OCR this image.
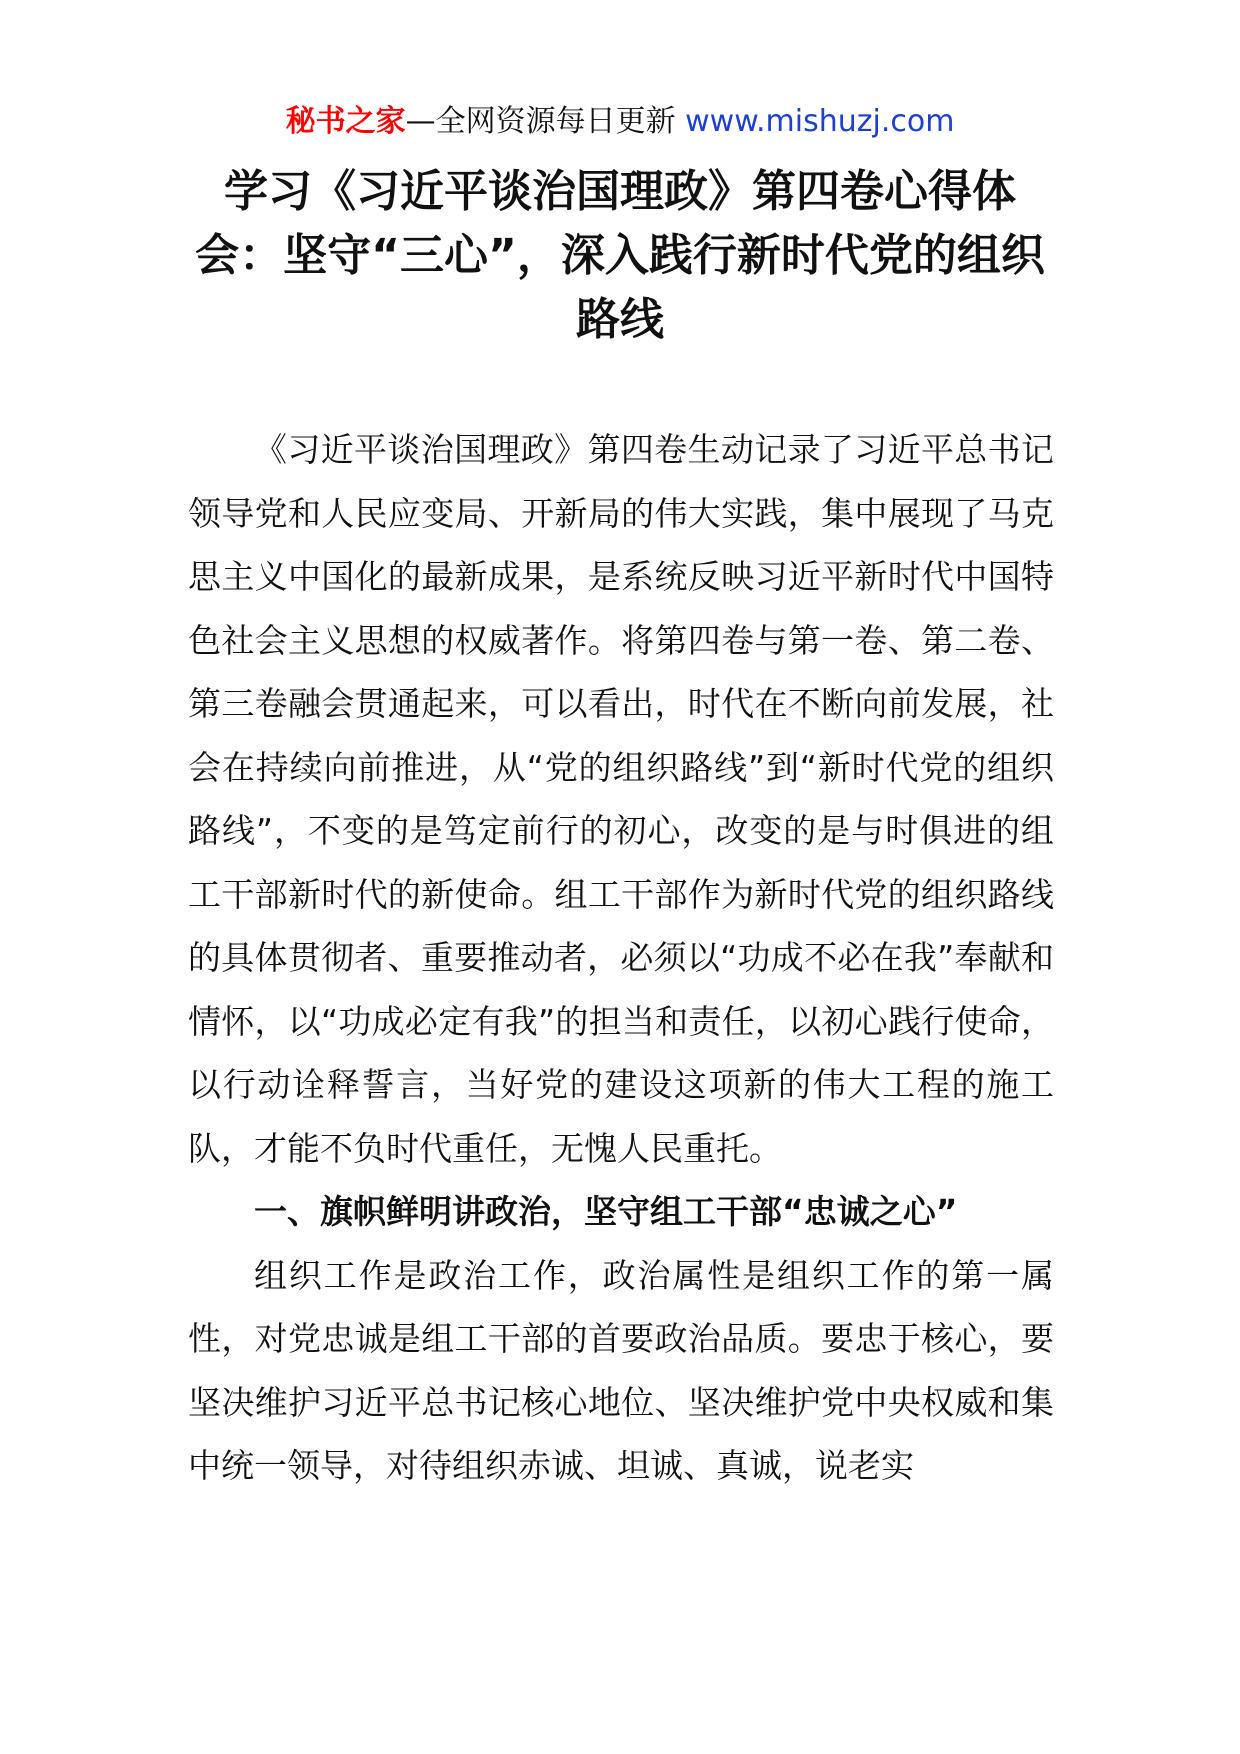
秘书之家—全网资源每日更新 www.mishuzj.com
学习《习近平谈治国理政》第四卷心得体会：坚守“三心”，深入践行新时代党的组织路线

《习近平谈治国理政》第四卷生动记录了习近平总书记领导党和人民应变局、开新局的伟大实践，集中展现了马克思主义中国化的最新成果，是系统反映习近平新时代中国特色社会主义思想的权威著作。将第四卷与第一卷、第二卷、第三卷融会贯通起来，可以看出，时代在不断向前发展，社会在持续向前推进，从“党的组织路线”到“新时代党的组织路线”，不变的是笃定前行的初心，改变的是与时俱进的组工干部新时代的新使命。组工干部作为新时代党的组织路线的具体贯彻者、重要推动者，必须以“功成不必在我”奉献和情怀，以“功成必定有我”的担当和责任，以初心践行使命，以行动诠释誓言，当好党的建设这项新的伟大工程的施工队，才能不负时代重任，无愧人民重托。

一、旗帜鲜明讲政治，坚守组工干部“忠诚之心”

组织工作是政治工作，政治属性是组织工作的第一属性，对党忠诚是组工干部的首要政治品质。要忠于核心，要坚决维护习近平总书记核心地位、坚决维护党中央权威和集中统一领导，对待组织赤诚、坦诚、真诚，说老实
